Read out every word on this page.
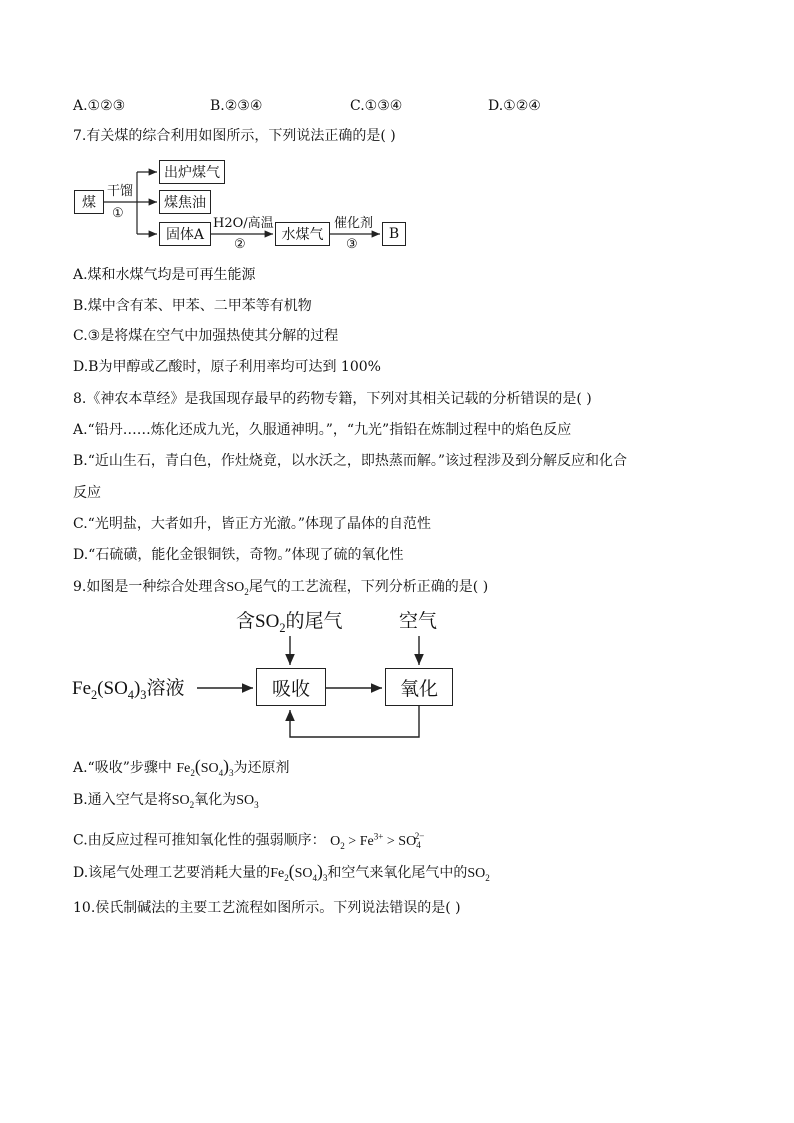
A.①②③	B.②③④	C.①③④	D.①②④
7.有关煤的综合利用如图所示，下列说法正确的是( )
煤
干馏
①
出炉煤气
煤焦油
固体A
H2O/高温
②
水煤气
催化剂
③
B
A.煤和水煤气均是可再生能源
B.煤中含有苯、甲苯、二甲苯等有机物
C.③是将煤在空气中加强热使其分解的过程
D.B为甲醇或乙酸时，原子利用率均可达到 100%
8.《神农本草经》是我国现存最早的药物专籍，下列对其相关记载的分析错误的是( )
A.“铅丹……炼化还成九光，久服通神明。”，“九光”指铅在炼制过程中的焰色反应
B.“近山生石，青白色，作灶烧竟，以水沃之，即热蒸而解。”该过程涉及到分解反应和化合
反应
C.“光明盐，大者如升，皆正方光澈。”体现了晶体的自范性
D.“石硫磺，能化金银铜铁，奇物。”体现了硫的氧化性
9.如图是一种综合处理含$SO_2$尾气的工艺流程，下列分析正确的是( )
含$SO_2$的尾气	空气
$Fe_2(SO_4)_3$溶液	吸收	氧化
A.“吸收”步骤中 $Fe_2(SO_4)_3$为还原剂
B.通入空气是将$SO_2$氧化为$SO_3$
C.由反应过程可推知氧化性的强弱顺序： $O_2 > Fe^{3+} > SO_4^{2-}$
D.该尾气处理工艺要消耗大量的$Fe_2(SO_4)_3$和空气来氧化尾气中的$SO_2$
10.侯氏制碱法的主要工艺流程如图所示。下列说法错误的是( )
